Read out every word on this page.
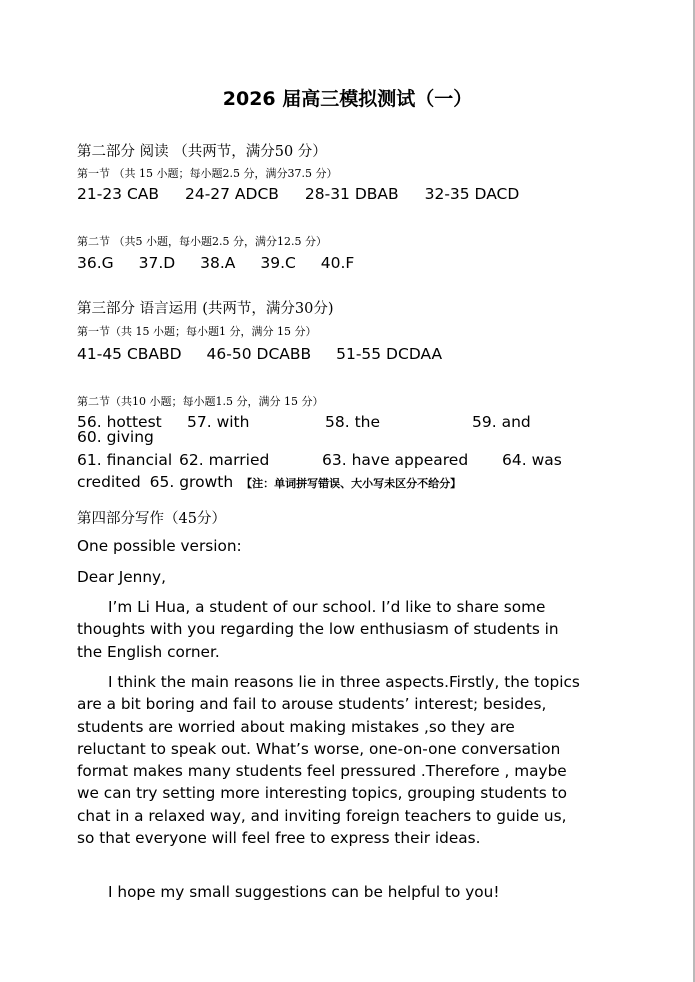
2026 届高三模拟测试（一）
第二部分 阅读 （共两节，满分50 分）
第一节 （共 15 小题；每小题2.5 分，满分37.5 分）
21-23 CAB 24-27 ADCB 28-31 DBAB 32-35 DACD
第二节 （共5 小题，每小题2.5 分，满分12.5 分）
36.G 37.D 38.A 39.C 40.F
第三部分 语言运用 (共两节，满分30分)
第一节（共 15 小题；每小题1 分，满分 15 分）
41-45 CBABD 46-50 DCABB 51-55 DCDAA
第二节（共10 小题；每小题1.5 分，满分 15 分）
56. hottest 57. with	58. the	59. and
60. giving
61. financial 62. married	63. have appeared 64. was
credited 65. growth 【注：单词拼写错误、大小写未区分不给分】
第四部分写作（45分）
One possible version:
Dear Jenny,
I’m Li Hua, a student of our school. I’d like to share some thoughts with you regarding the low enthusiasm of students in the English corner.
I think the main reasons lie in three aspects.Firstly, the topics are a bit boring and fail to arouse students’ interest; besides, students are worried about making mistakes ,so they are reluctant to speak out. What’s worse, one-on-one conversation format makes many students feel pressured .Therefore , maybe we can try setting more interesting topics, grouping students to chat in a relaxed way, and inviting foreign teachers to guide us, so that everyone will feel free to express their ideas.
I hope my small suggestions can be helpful to you!
